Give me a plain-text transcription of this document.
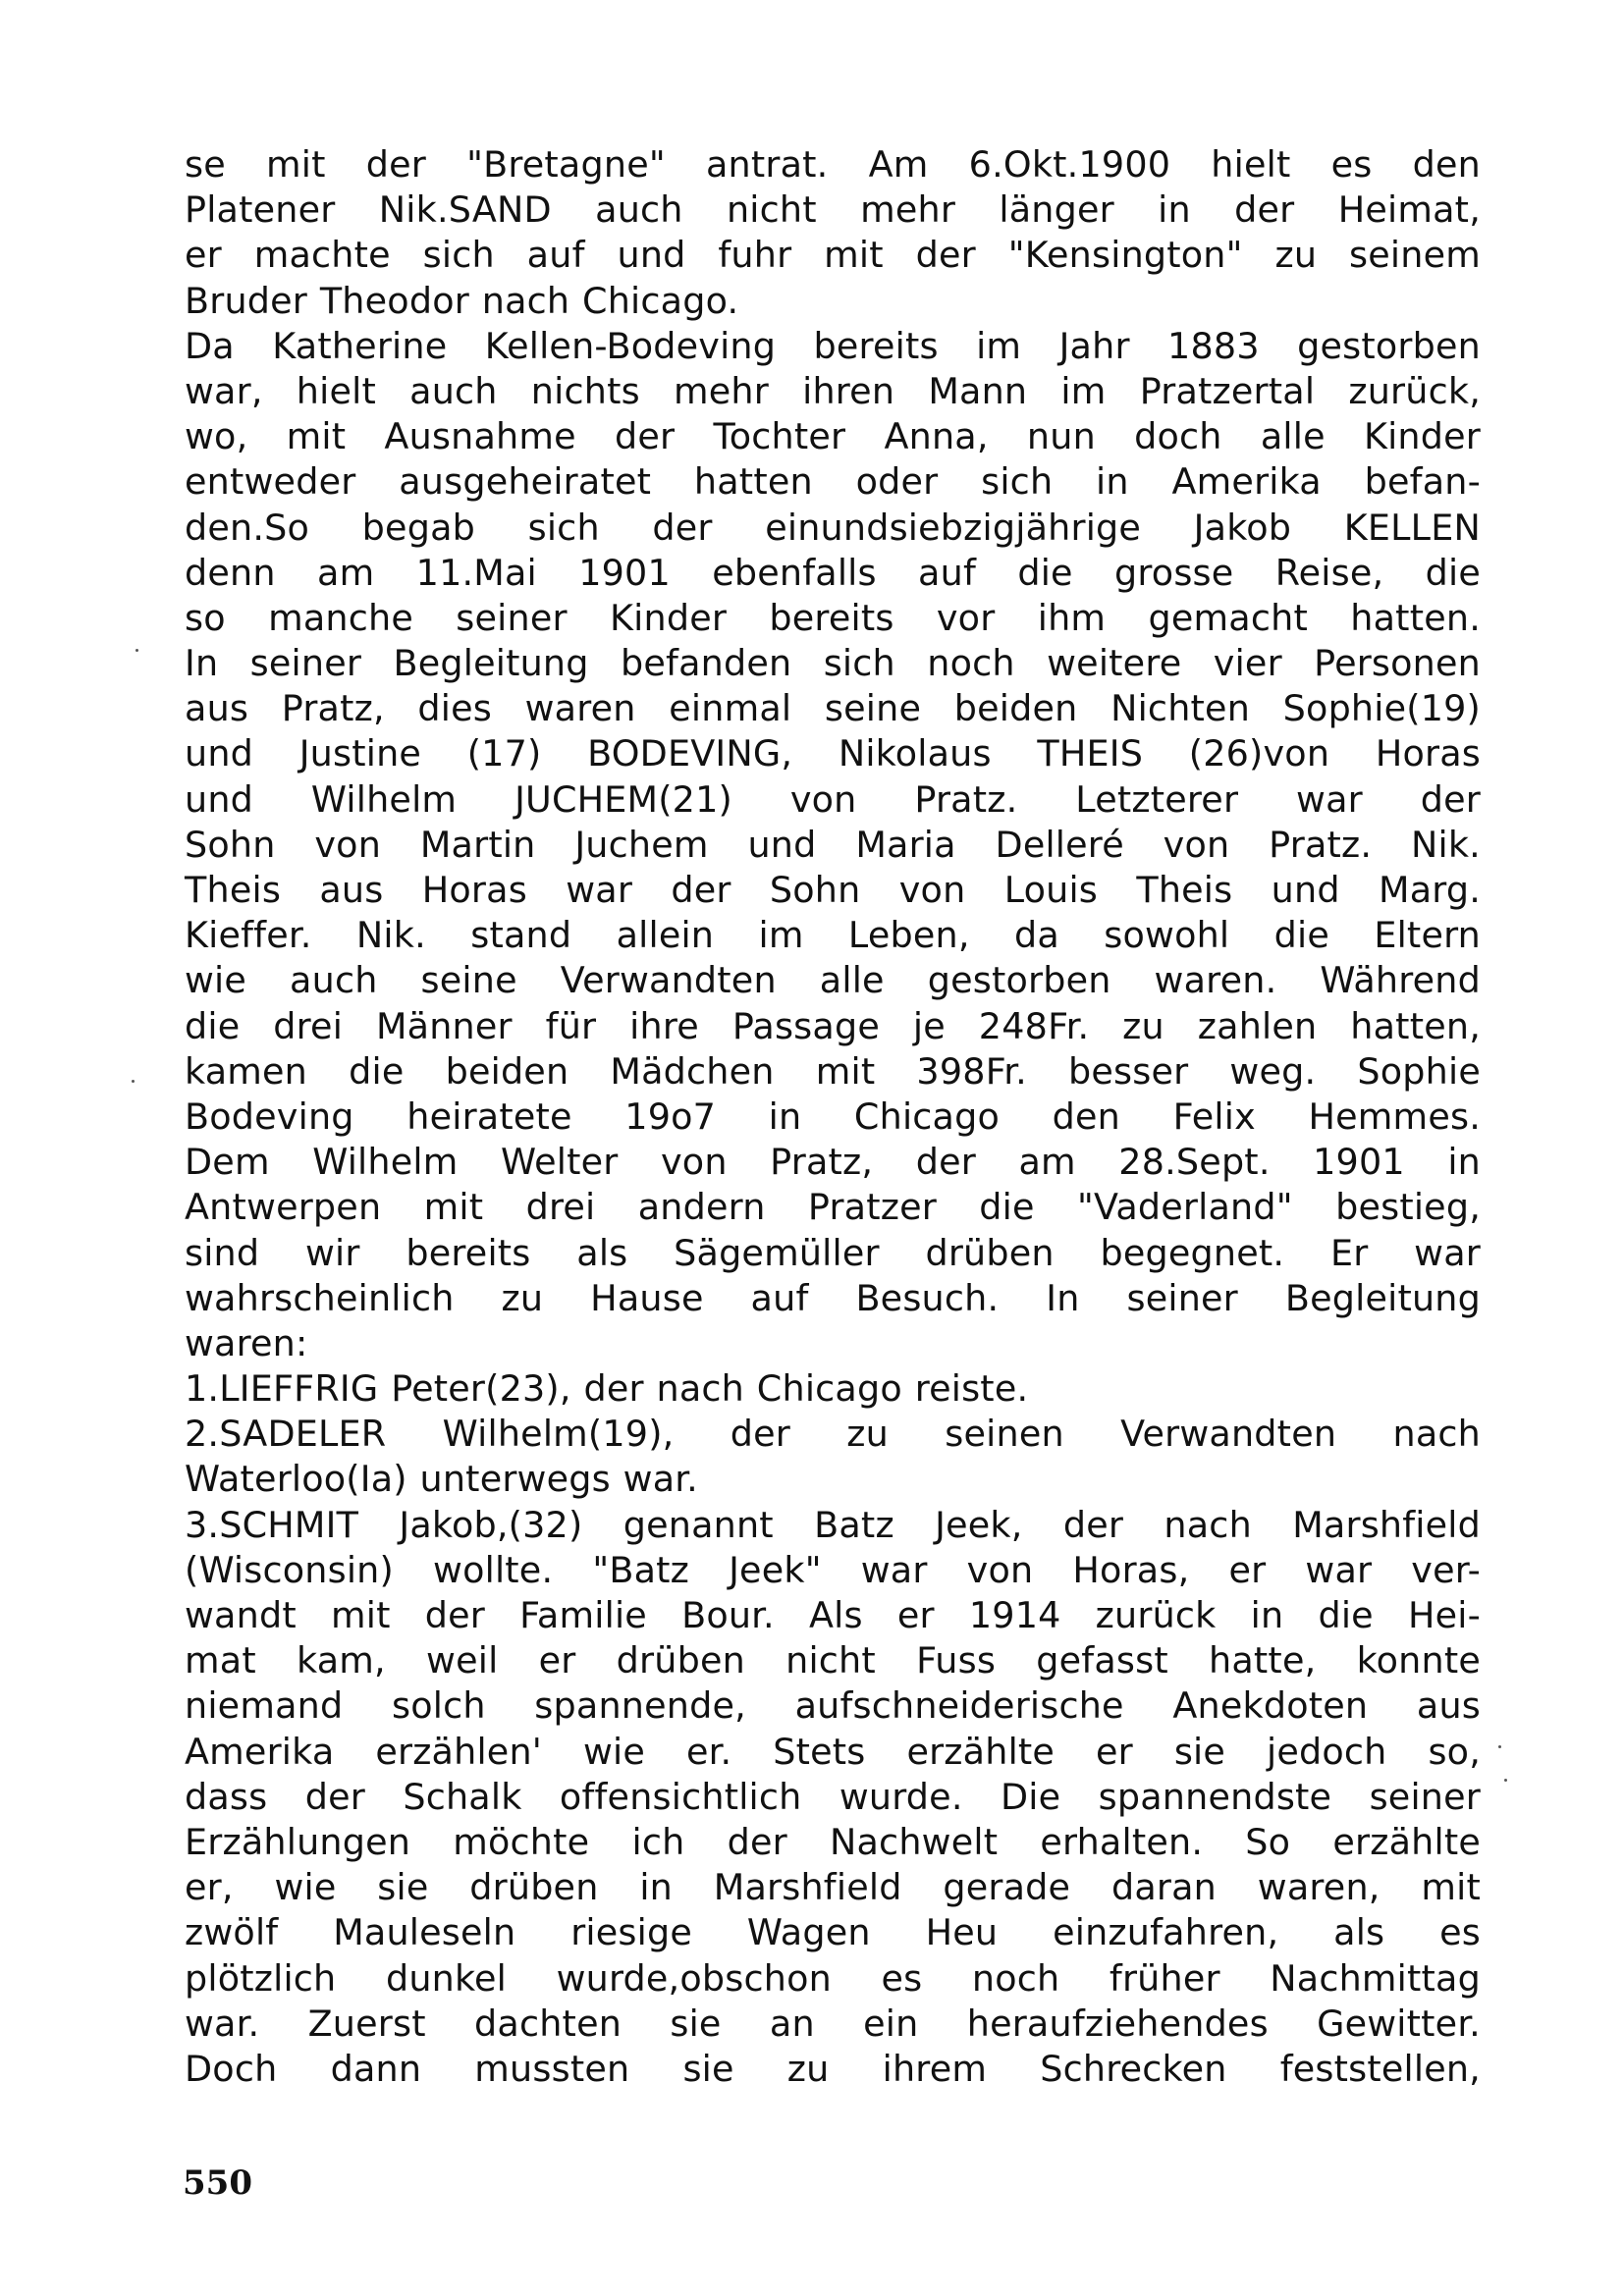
se mit der "Bretagne" antrat. Am 6.Okt.1900 hielt es den
Platener Nik.SAND auch nicht mehr länger in der Heimat,
er machte sich auf und fuhr mit der "Kensington" zu seinem
Bruder Theodor nach Chicago.
Da Katherine Kellen-Bodeving bereits im Jahr 1883 gestorben
war, hielt auch nichts mehr ihren Mann im Pratzertal zurück,
wo, mit Ausnahme der Tochter Anna, nun doch alle Kinder
entweder ausgeheiratet hatten oder sich in Amerika befan-
den.So begab sich der einundsiebzigjährige Jakob KELLEN
denn am 11.Mai 1901 ebenfalls auf die grosse Reise, die
so manche seiner Kinder bereits vor ihm gemacht hatten.
In seiner Begleitung befanden sich noch weitere vier Personen
aus Pratz, dies waren einmal seine beiden Nichten Sophie(19)
und Justine (17) BODEVING, Nikolaus THEIS (26)von Horas
und Wilhelm JUCHEM(21) von Pratz. Letzterer war der
Sohn von Martin Juchem und Maria Delleré von Pratz. Nik.
Theis aus Horas war der Sohn von Louis Theis und Marg.
Kieffer. Nik. stand allein im Leben, da sowohl die Eltern
wie auch seine Verwandten alle gestorben waren. Während
die drei Männer für ihre Passage je 248Fr. zu zahlen hatten,
kamen die beiden Mädchen mit 398Fr. besser weg. Sophie
Bodeving heiratete 19o7 in Chicago den Felix Hemmes.
Dem Wilhelm Welter von Pratz, der am 28.Sept. 1901 in
Antwerpen mit drei andern Pratzer die "Vaderland" bestieg,
sind wir bereits als Sägemüller drüben begegnet. Er war
wahrscheinlich zu Hause auf Besuch. In seiner Begleitung
waren:
1.LIEFFRIG Peter(23), der nach Chicago reiste.
2.SADELER Wilhelm(19), der zu seinen Verwandten nach
Waterloo(Ia) unterwegs war.
3.SCHMIT Jakob,(32) genannt Batz Jeek, der nach Marshfield
(Wisconsin) wollte. "Batz Jeek" war von Horas, er war ver-
wandt mit der Familie Bour. Als er 1914 zurück in die Hei-
mat kam, weil er drüben nicht Fuss gefasst hatte, konnte
niemand solch spannende, aufschneiderische Anekdoten aus
Amerika erzählen' wie er. Stets erzählte er sie jedoch so,
dass der Schalk offensichtlich wurde. Die spannendste seiner
Erzählungen möchte ich der Nachwelt erhalten. So erzählte
er, wie sie drüben in Marshfield gerade daran waren, mit
zwölf Mauleseln riesige Wagen Heu einzufahren, als es
plötzlich dunkel wurde,obschon es noch früher Nachmittag
war. Zuerst dachten sie an ein heraufziehendes Gewitter.
Doch dann mussten sie zu ihrem Schrecken feststellen,
550
